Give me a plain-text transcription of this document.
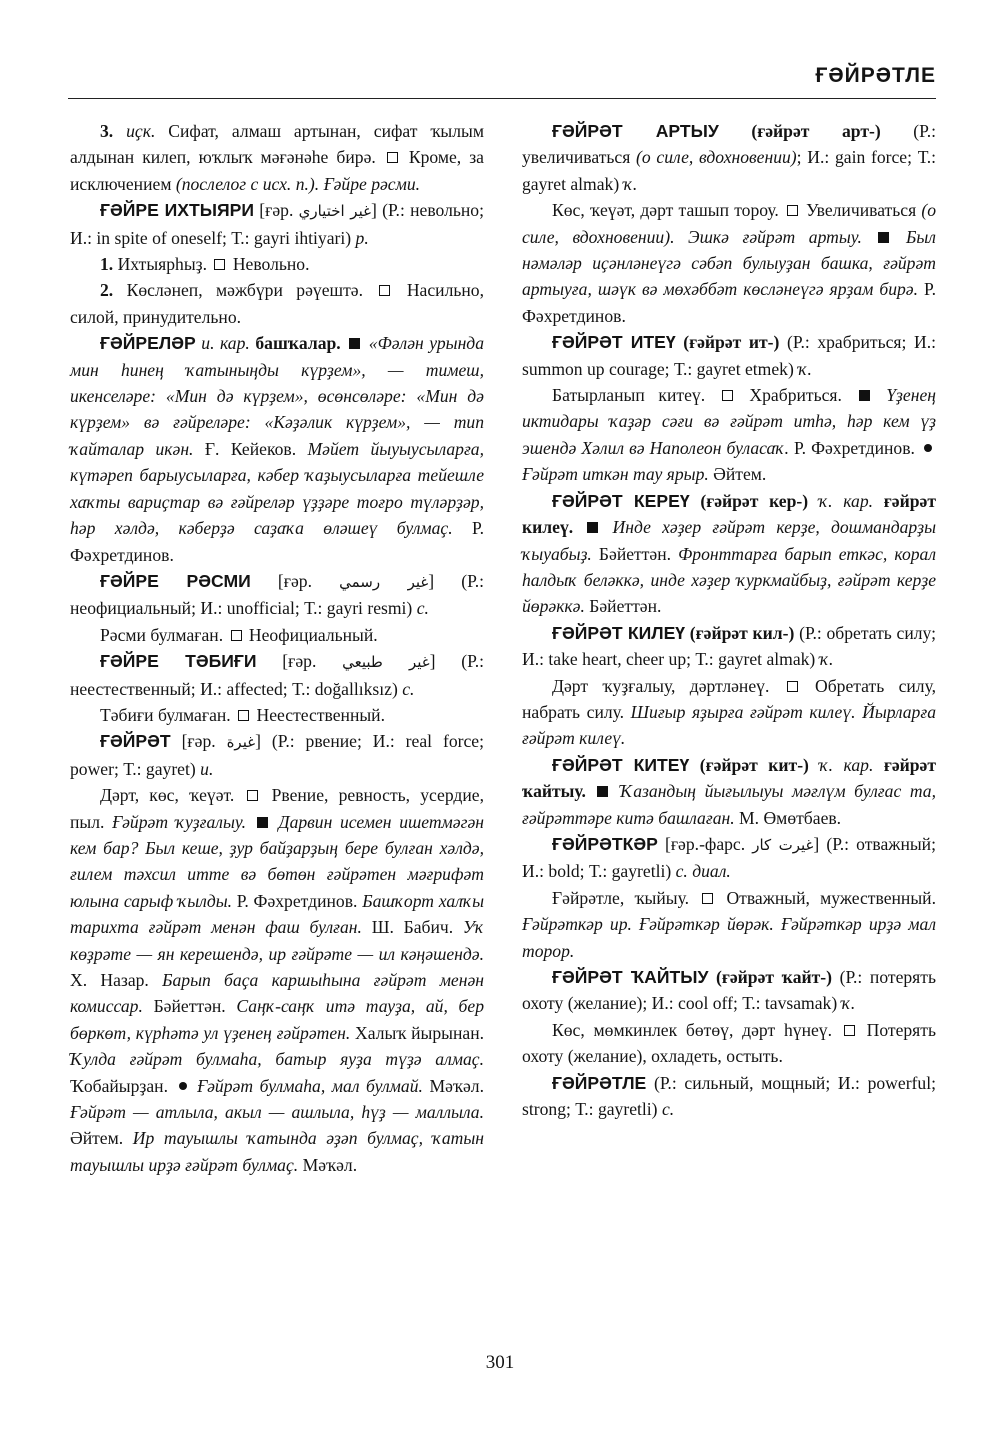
ҒӘЙРӘТЛЕ

3. иҫк. Сифат, алмаш артынан, сифат ҡылым алдынан килеп, юҡлыҡ мәғәнәһе бирә.  Кроме, за исключением (послелог с исх. п.). Ғәйре рәсми.

ҒӘЙРЕ ИХТЫЯРИ [ғәр. غير اختياري] (Р.: невольно; И.: in spite of oneself; Т.: gayri ihtiyari) р.

1. Ихтыярһыҙ.  Невольно.

2. Көсләнеп, мәжбүри рәүештә.  Насильно, силой, принудительно.

ҒӘЙРЕЛӘР и. кар. башҡалар. «Фәлән урында мин һинең ҡатыныңды күрҙем», — тимеш, икенселәре: «Мин дә күрҙем», өсөнсөләре: «Мин дә күрҙем» вә ғәйреләре: «Кәҙәлик күрҙем», — тип ҡайталар икән. Ғ. Кейеков. Мәйет йыуыусыларға, күтәреп барыусыларға, кәбер ҡаҙыусыларға тейешле хаҡты вариҫтар вә ғәйреләр үҙҙәре тоғро түләрҙәр, һәр хәлдә, кәберҙә саҙаҡа өләшеү булмаҫ. Р. Фәхретдинов.

ҒӘЙРЕ РӘСМИ [ғәр. غير رسمي] (Р.: неофициальный; И.: unofficial; Т.: gayri resmi) с.

Рәсми булмаған.  Неофициальный.

ҒӘЙРЕ ТӘБИҒИ [ғәр. غير طبيعي] (Р.: неестественный; И.: affected; Т.: doğallıksız) с.

Тәбиғи булмаған.  Неестественный.

ҒӘЙРӘТ [ғәр. غيرة] (Р.: рвение; И.: real force; power; Т.: gayret) и.

Дәрт, көс, ҡеүәт.  Рвение, ревность, усердие, пыл. Ғәйрәт ҡуҙғалыу. Дарвин исемен ишетмәгән кем бар? Был кеше, ҙур байҙарҙың бере булған хәлдә, ғилем тәхсил итте вә бөтөн ғәйрәтен мәғрифәт юлына сарыф ҡылды. Р. Фәхретдинов. Башҡорт халҡы тарихта ғәйрәт менән фаш булған. Ш. Бабич. Уҡ көҙрәте — ян керешендә, ир ғәйрәте — ил кәңәшендә. Х. Назар. Барып баҫа каршыһына ғәйрәт менән комиссар. Бәйеттән. Саңҡ-саңҡ итә тауҙа, ай, бер бөркөт, күрһәтә ул үҙенең ғәйрәтен. Халыҡ йырынан. Ҡулда ғәйрәт булмаһа, батыр яуҙа түҙә алмаҫ. Ҡобайырҙан.  Ғәйрәт булмаһа, мал булмай. Мәҡәл. Ғәйрәт — атлыла, акыл — ашлыла, һүҙ — маллыла. Әйтем. Ир тауышлы ҡатында әҙәп булмаҫ, ҡатын тауышлы ирҙә ғәйрәт булмаҫ. Мәҡәл.

ҒӘЙРӘТ АРТЫУ (ғәйрәт арт-) (Р.: увеличиваться (о силе, вдохновении); И.: gain force; Т.: gayret almak) ҡ.

Көс, ҡеүәт, дәрт ташып тороу.  Увеличиваться (о силе, вдохновении). Эшкә ғәйрәт артыу.	Был нәмәләр иҫәнләнеүгә сәбәп булыуҙан башка, ғәйрәт артыуға, шәүк вә мөхәббәт көсләнеүгә ярҙам бирә. Р. Фәхретдинов.

ҒӘЙРӘТ ИТЕҮ (ғәйрәт ит-) (Р.: храбриться; И.: summon up courage; Т.: gayret etmek) ҡ.

Батырланып китеү.  Храбриться.  Үҙенең иктидары ҡаҙәр сәғи вә ғәйрәт итһә, һәр кем үҙ эшендә Хәлил вә Наполеон буласаҡ. Р. Фәхретдинов.  Ғәйрәт иткән тау ярыр. Әйтем.

ҒӘЙРӘТ КЕРЕҮ (ғәйрәт кер-) ҡ. кар. ғәйрәт килеү. Инде хәҙер ғәйрәт керҙе, дошмандарҙы ҡыуабыҙ. Бәйеттән. Фронттарға барып еткәс, корал һалдыҡ беләккә, инде хәҙер ҡуркмайбыҙ, ғәйрәт керҙе йөрәккә. Бәйеттән.

ҒӘЙРӘТ КИЛЕҮ (ғәйрәт кил-) (Р.: обретать силу; И.: take heart, cheer up; Т.: gayret almak) ҡ.

Дәрт ҡуҙғалыу, дәртләнеү.  Обретать силу, набрать силу. Шиғыр яҙырға ғәйрәт килеү. Йырларға ғәйрәт килеү.

ҒӘЙРӘТ КИТЕҮ (ғәйрәт кит-) ҡ. кар. ғәйрәт ҡайтыу. Ҡазандың йығылыуы мәғлүм булғас та, ғәйрәттәре китә башлаған. М. Өмөтбаев.

ҒӘЙРӘТКӘР [ғәр.-фарс. غيرت كار] (Р.: отважный; И.: bold; Т.: gayretli) с. диал.

Ғәйрәтле, ҡыйыу.  Отважный, мужественный. Ғәйрәткәр ир. Ғәйрәткәр йөрәк. Ғәйрәткәр ирҙә мал торор.

ҒӘЙРӘТ ҠАЙТЫУ (ғәйрәт ҡайт-) (Р.: потерять охоту (желание); И.: cool off; Т.: tavsamak) ҡ.

Көс, мөмкинлек бөтөү, дәрт һүнеү.  Потерять охоту (желание), охладеть, остыть.

ҒӘЙРӘТЛЕ (Р.: сильный, мощный; И.: powerful; strong; Т.: gayretli) с.

301
